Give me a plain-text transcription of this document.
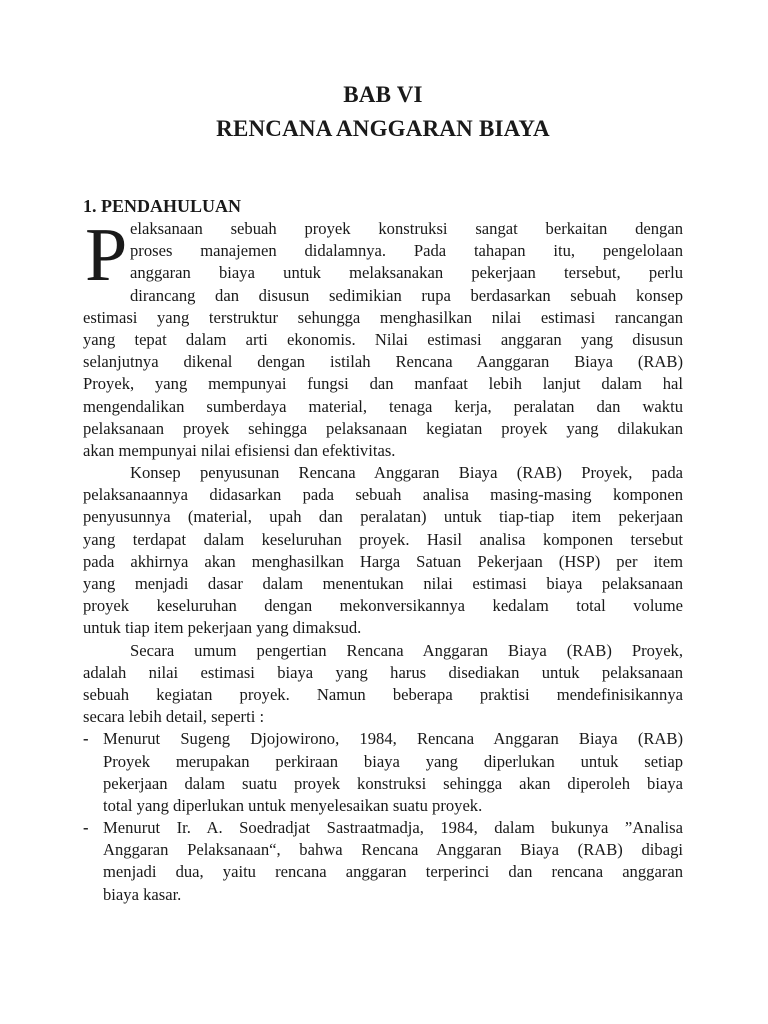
BAB VI
RENCANA ANGGARAN BIAYA
1. PENDAHULUAN
P elaksanaan sebuah proyek konstruksi sangat berkaitan dengan
proses manajemen didalamnya. Pada tahapan itu, pengelolaan
anggaran biaya untuk melaksanakan pekerjaan tersebut, perlu
dirancang dan disusun sedimikian rupa berdasarkan sebuah konsep
estimasi yang terstruktur sehungga menghasilkan nilai estimasi rancangan
yang tepat dalam arti ekonomis. Nilai estimasi anggaran yang disusun
selanjutnya dikenal dengan istilah Rencana Aanggaran Biaya (RAB)
Proyek, yang mempunyai fungsi dan manfaat lebih lanjut dalam hal
mengendalikan sumberdaya material, tenaga kerja, peralatan dan waktu
pelaksanaan proyek sehingga pelaksanaan kegiatan proyek yang dilakukan
akan mempunyai nilai efisiensi dan efektivitas.
Konsep penyusunan Rencana Anggaran Biaya (RAB) Proyek, pada
pelaksanaannya didasarkan pada sebuah analisa masing-masing komponen
penyusunnya (material, upah dan peralatan) untuk tiap-tiap item pekerjaan
yang terdapat dalam keseluruhan proyek. Hasil analisa komponen tersebut
pada akhirnya akan menghasilkan Harga Satuan Pekerjaan (HSP) per item
yang menjadi dasar dalam menentukan nilai estimasi biaya pelaksanaan
proyek keseluruhan dengan mekonversikannya kedalam total volume
untuk tiap item pekerjaan yang dimaksud.
Secara umum pengertian Rencana Anggaran Biaya (RAB) Proyek,
adalah nilai estimasi biaya yang harus disediakan untuk pelaksanaan
sebuah kegiatan proyek. Namun beberapa praktisi mendefinisikannya
secara lebih detail, seperti :
- Menurut Sugeng Djojowirono, 1984, Rencana Anggaran Biaya (RAB)
Proyek merupakan perkiraan biaya yang diperlukan untuk setiap
pekerjaan dalam suatu proyek konstruksi sehingga akan diperoleh biaya
total yang diperlukan untuk menyelesaikan suatu proyek.
- Menurut Ir. A. Soedradjat Sastraatmadja, 1984, dalam bukunya ”Analisa
Anggaran Pelaksanaan“, bahwa Rencana Anggaran Biaya (RAB) dibagi
menjadi dua, yaitu rencana anggaran terperinci dan rencana anggaran
biaya kasar.
